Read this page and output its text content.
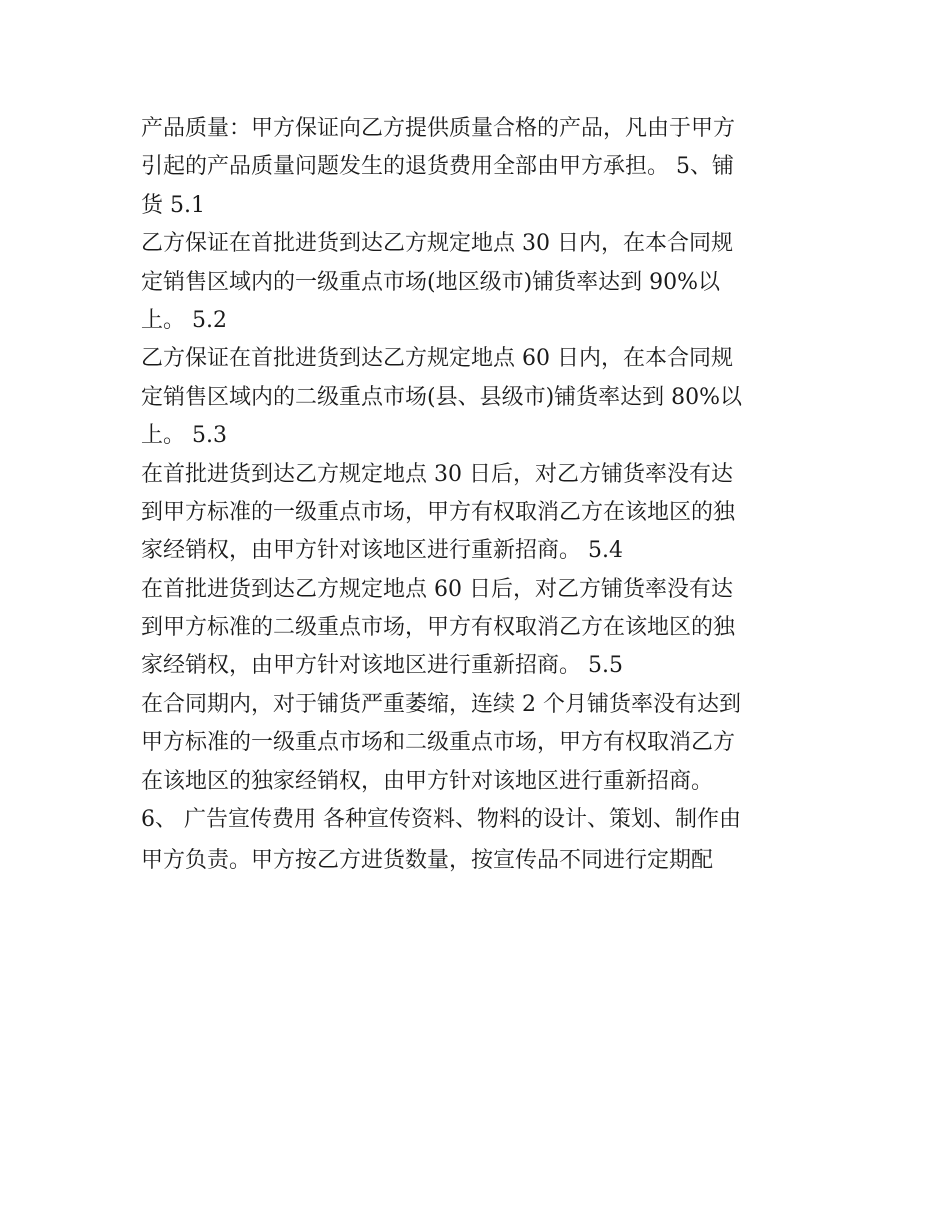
产品质量：甲方保证向乙方提供质量合格的产品，凡由于甲方
引起的产品质量问题发生的退货费用全部由甲方承担。 5、铺
货 5.1
乙方保证在首批进货到达乙方规定地点 30 日内，在本合同规
定销售区域内的一级重点市场(地区级市)铺货率达到 90%以
上。 5.2
乙方保证在首批进货到达乙方规定地点 60 日内，在本合同规
定销售区域内的二级重点市场(县、县级市)铺货率达到 80%以
上。 5.3
在首批进货到达乙方规定地点 30 日后，对乙方铺货率没有达
到甲方标准的一级重点市场，甲方有权取消乙方在该地区的独
家经销权，由甲方针对该地区进行重新招商。 5.4
在首批进货到达乙方规定地点 60 日后，对乙方铺货率没有达
到甲方标准的二级重点市场，甲方有权取消乙方在该地区的独
家经销权，由甲方针对该地区进行重新招商。 5.5
在合同期内，对于铺货严重萎缩，连续 2 个月铺货率没有达到
甲方标准的一级重点市场和二级重点市场，甲方有权取消乙方
在该地区的独家经销权，由甲方针对该地区进行重新招商。
6、 广告宣传费用 各种宣传资料、物料的设计、策划、制作由
甲方负责。甲方按乙方进货数量，按宣传品不同进行定期配
